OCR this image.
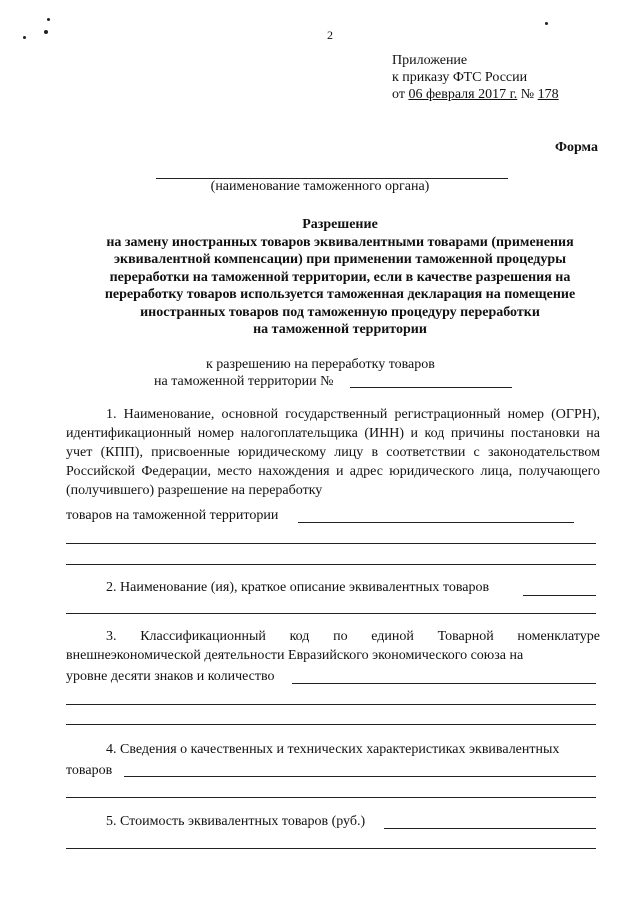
2
Приложение
к приказу ФТС России
от 06 февраля 2017 г. № 178
Форма
(наименование таможенного органа)
Разрешение
на замену иностранных товаров эквивалентными товарами (применения
эквивалентной компенсации) при применении таможенной процедуры
переработки на таможенной территории, если в качестве разрешения на
переработку товаров используется таможенная декларация на помещение
иностранных товаров под таможенную процедуру переработки
на таможенной территории
к разрешению на переработку товаров
на таможенной территории №

1. Наименование, основной государственный регистрационный номер (ОГРН), идентификационный номер налогоплательщика (ИНН) и код причины постановки на учет (КПП), присвоенные юридическому лицу в соответствии с законодательством Российской Федерации, место нахождения и адрес юридического лица, получающего (получившего) разрешение на переработку

товаров на таможенной территории
2. Наименование (ия), краткое описание эквивалентных товаров

3. Классификационный код по единой Товарной номенклатуре внешнеэкономической деятельности Евразийского экономического союза на

уровне десяти знаков и количество

4. Сведения о качественных и технических характеристиках эквивалентных

товаров
5. Стоимость эквивалентных товаров (руб.)
